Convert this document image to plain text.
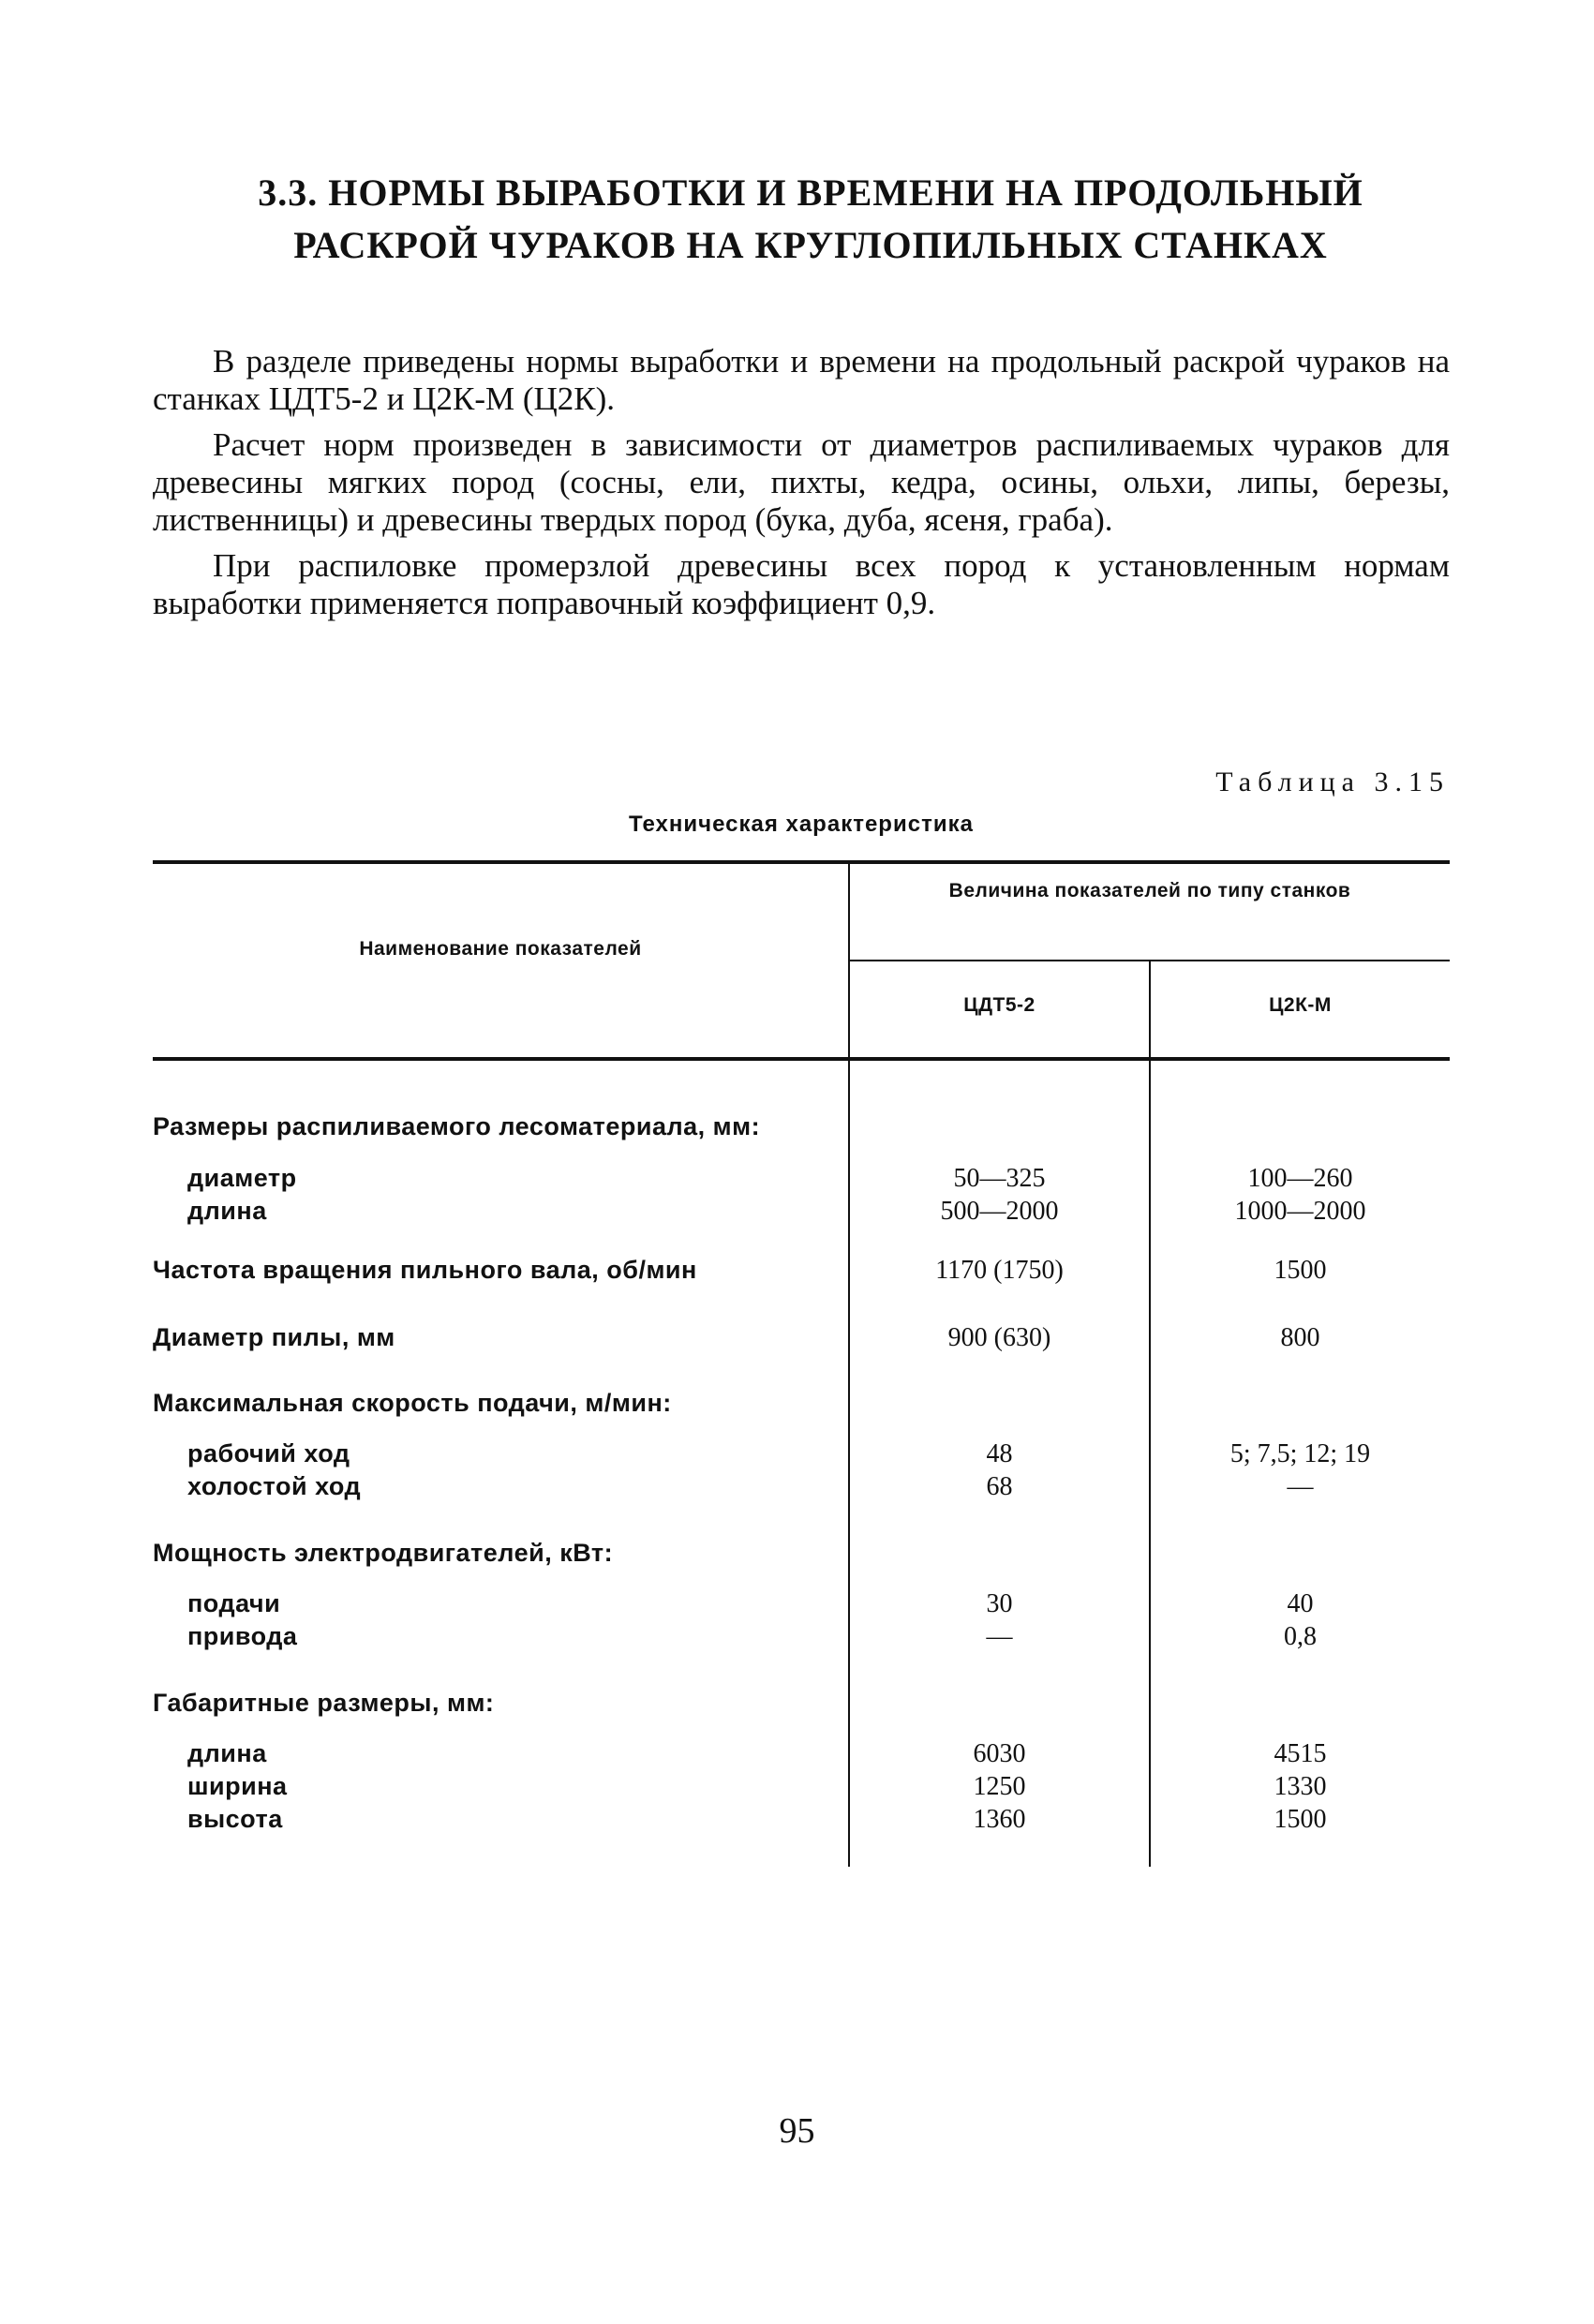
3.3. НОРМЫ ВЫРАБОТКИ И ВРЕМЕНИ НА ПРОДОЛЬНЫЙ
РАСКРОЙ ЧУРАКОВ НА КРУГЛОПИЛЬНЫХ СТАНКАХ

В разделе приведены нормы выработки и времени на продольный раскрой чураков на станках ЦДТ5-2 и Ц2К-М (Ц2К).

Расчет норм произведен в зависимости от диаметров распиливаемых чураков для древесины мягких пород (сосны, ели, пихты, кедра, осины, ольхи, липы, березы, лиственницы) и древесины твердых пород (бука, дуба, ясеня, граба).

При распиловке промерзлой древесины всех пород к установленным нормам выработки применяется поправочный коэффициент 0,9.

Таблица 3.15

Техническая характеристика

Наименование показателей

Величина показателей по типу станков

ЦДТ5-2	Ц2К-М

Размеры распиливаемого лесоматериала, мм:

диаметр	50—325	100—260

длина	500—2000	1000—2000

Частота вращения пильного вала, об/мин	1170 (1750)	1500

Диаметр пилы, мм	900 (630)	800

Максимальная скорость подачи, м/мин:

рабочий ход	48	5; 7,5; 12; 19

холостой ход	68	—

Мощность электродвигателей, кВт:

подачи	30	40

привода	—	0,8

Габаритные размеры, мм:

длина	6030	4515

ширина	1250	1330

высота	1360	1500

95
